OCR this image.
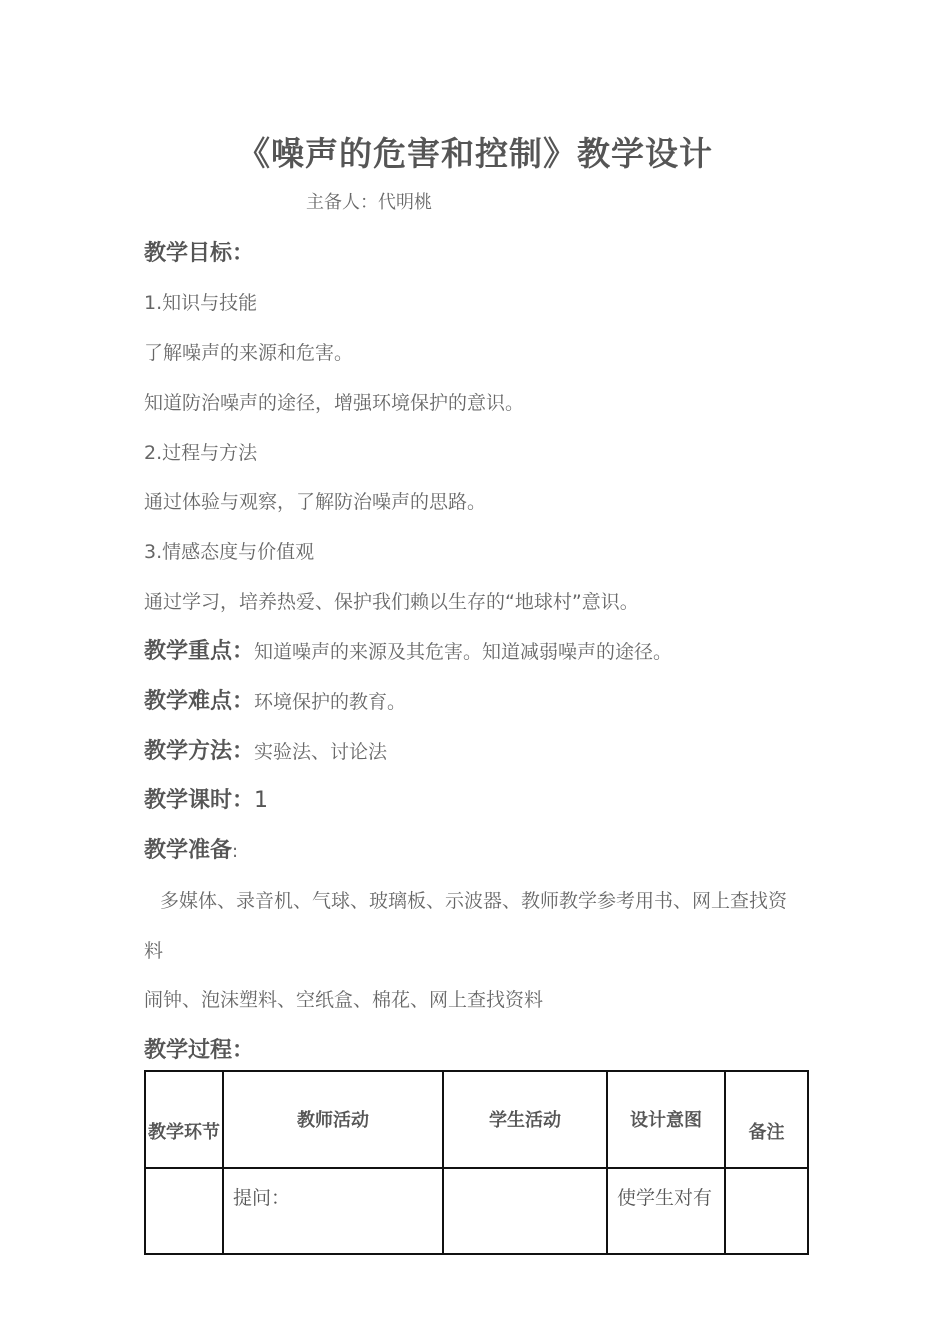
《噪声的危害和控制》教学设计
主备人：代明桃
教学目标：
1.知识与技能
了解噪声的来源和危害。
知道防治噪声的途径，增强环境保护的意识。
2.过程与方法
通过体验与观察，了解防治噪声的思路。
3.情感态度与价值观
通过学习，培养热爱、保护我们赖以生存的“地球村”意识。
教学重点：知道噪声的来源及其危害。知道减弱噪声的途径。
教学难点：环境保护的教育。
教学方法：实验法、讨论法
教学课时：1
教学准备:
多媒体、录音机、气球、玻璃板、示波器、教师教学参考用书、网上查找资
料
闹钟、泡沫塑料、空纸盒、棉花、网上查找资料
教学过程：
教学环节	教师活动	学生活动	设计意图	备注
	提问：		使学生对有	
